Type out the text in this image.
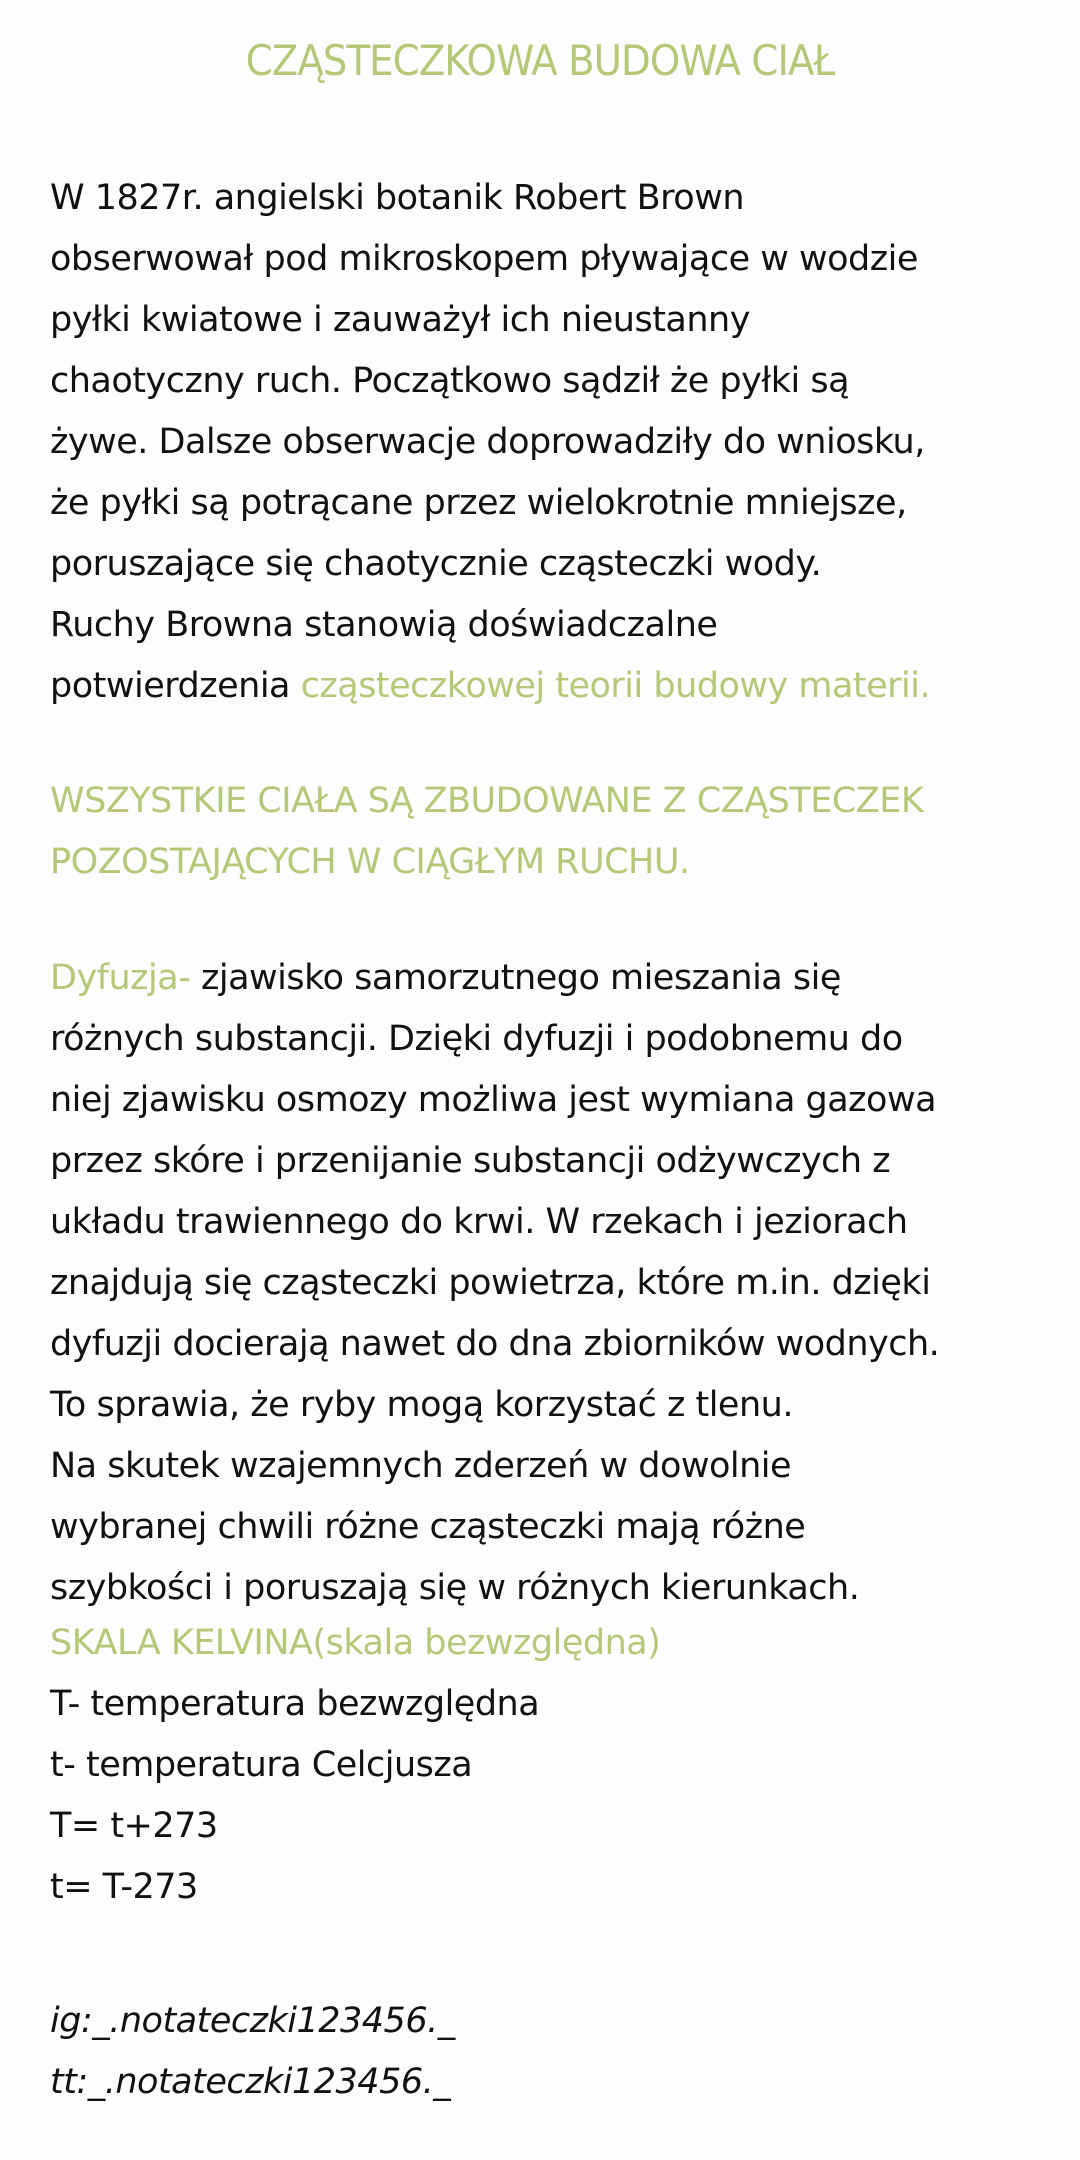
CZĄSTECZKOWA BUDOWA CIAŁ
W 1827r. angielski botanik Robert Brown
obserwował pod mikroskopem pływające w wodzie
pyłki kwiatowe i zauważył ich nieustanny
chaotyczny ruch. Początkowo sądził że pyłki są
żywe. Dalsze obserwacje doprowadziły do wniosku,
że pyłki są potrącane przez wielokrotnie mniejsze,
poruszające się chaotycznie cząsteczki wody.
Ruchy Browna stanowią doświadczalne
potwierdzenia cząsteczkowej teorii budowy materii.
WSZYSTKIE CIAŁA SĄ ZBUDOWANE Z CZĄSTECZEK
POZOSTAJĄCYCH W CIĄGŁYM RUCHU.
Dyfuzja- zjawisko samorzutnego mieszania się
różnych substancji. Dzięki dyfuzji i podobnemu do
niej zjawisku osmozy możliwa jest wymiana gazowa
przez skóre i przenijanie substancji odżywczych z
układu trawiennego do krwi. W rzekach i jeziorach
znajdują się cząsteczki powietrza, które m.in. dzięki
dyfuzji docierają nawet do dna zbiorników wodnych.
To sprawia, że ryby mogą korzystać z tlenu.
Na skutek wzajemnych zderzeń w dowolnie
wybranej chwili różne cząsteczki mają różne
szybkości i poruszają się w różnych kierunkach.
SKALA KELVINA(skala bezwzględna)
T- temperatura bezwzględna
t- temperatura Celcjusza
T= t+273
t= T-273
ig:_.notateczki123456._
tt:_.notateczki123456._
